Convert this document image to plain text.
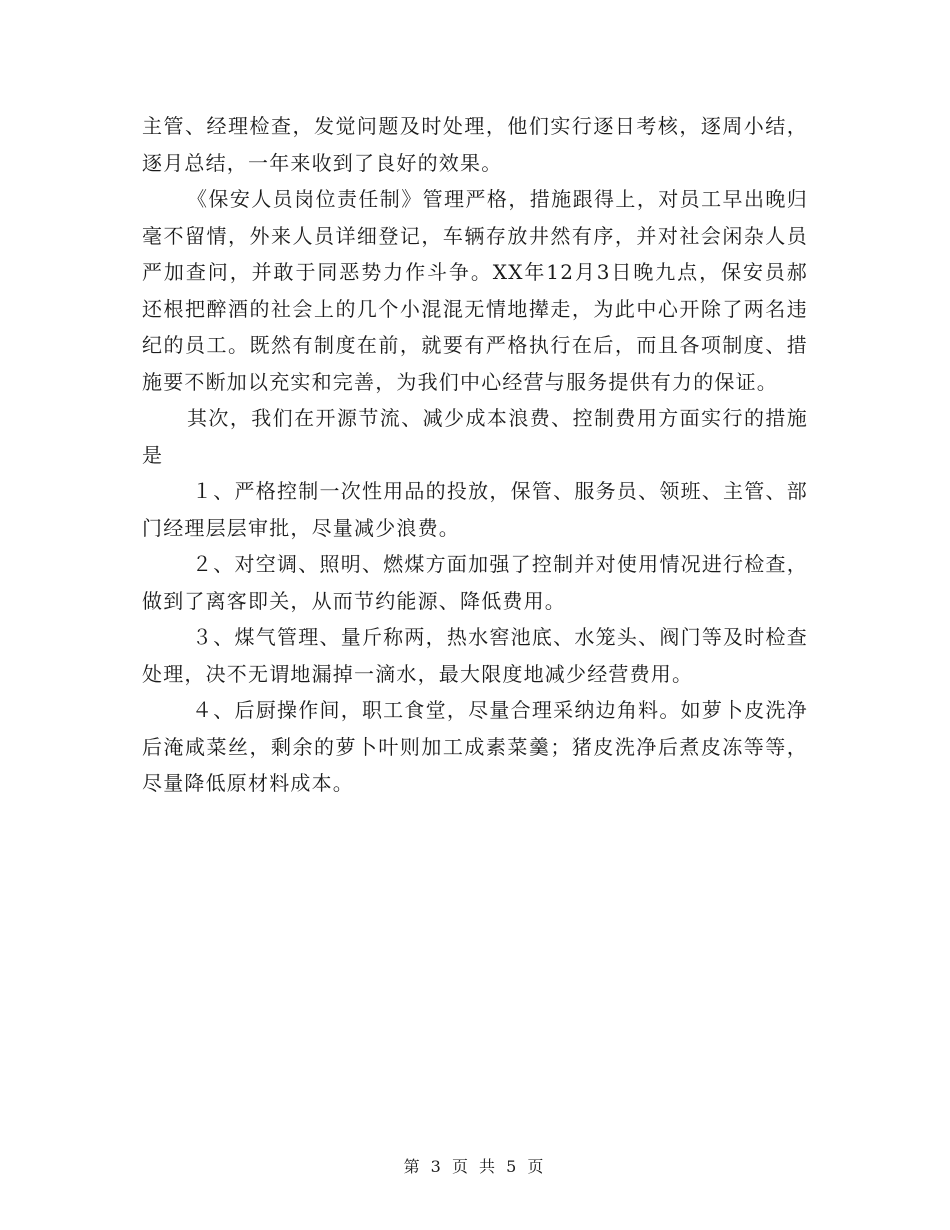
主管、经理检查，发觉问题及时处理，他们实行逐日考核，逐周小结，逐月总结，一年来收到了良好的效果。

《保安人员岗位责任制》管理严格，措施跟得上，对员工早出晚归毫不留情，外来人员详细登记，车辆存放井然有序，并对社会闲杂人员严加查问，并敢于同恶势力作斗争。XX年12月3日晚九点，保安员郝还根把醉酒的社会上的几个小混混无情地撵走，为此中心开除了两名违纪的员工。既然有制度在前，就要有严格执行在后，而且各项制度、措施要不断加以充实和完善，为我们中心经营与服务提供有力的保证。

其次，我们在开源节流、减少成本浪费、控制费用方面实行的措施是

１、严格控制一次性用品的投放，保管、服务员、领班、主管、部门经理层层审批，尽量减少浪费。

２、对空调、照明、燃煤方面加强了控制并对使用情况进行检查，做到了离客即关，从而节约能源、降低费用。

３、煤气管理、量斤称两，热水窖池底、水笼头、阀门等及时检查处理，决不无谓地漏掉一滴水，最大限度地减少经营费用。

４、后厨操作间，职工食堂，尽量合理采纳边角料。如萝卜皮洗净后淹咸菜丝，剩余的萝卜叶则加工成素菜羹；猪皮洗净后煮皮冻等等，尽量降低原材料成本。

第 3 页 共 5 页
